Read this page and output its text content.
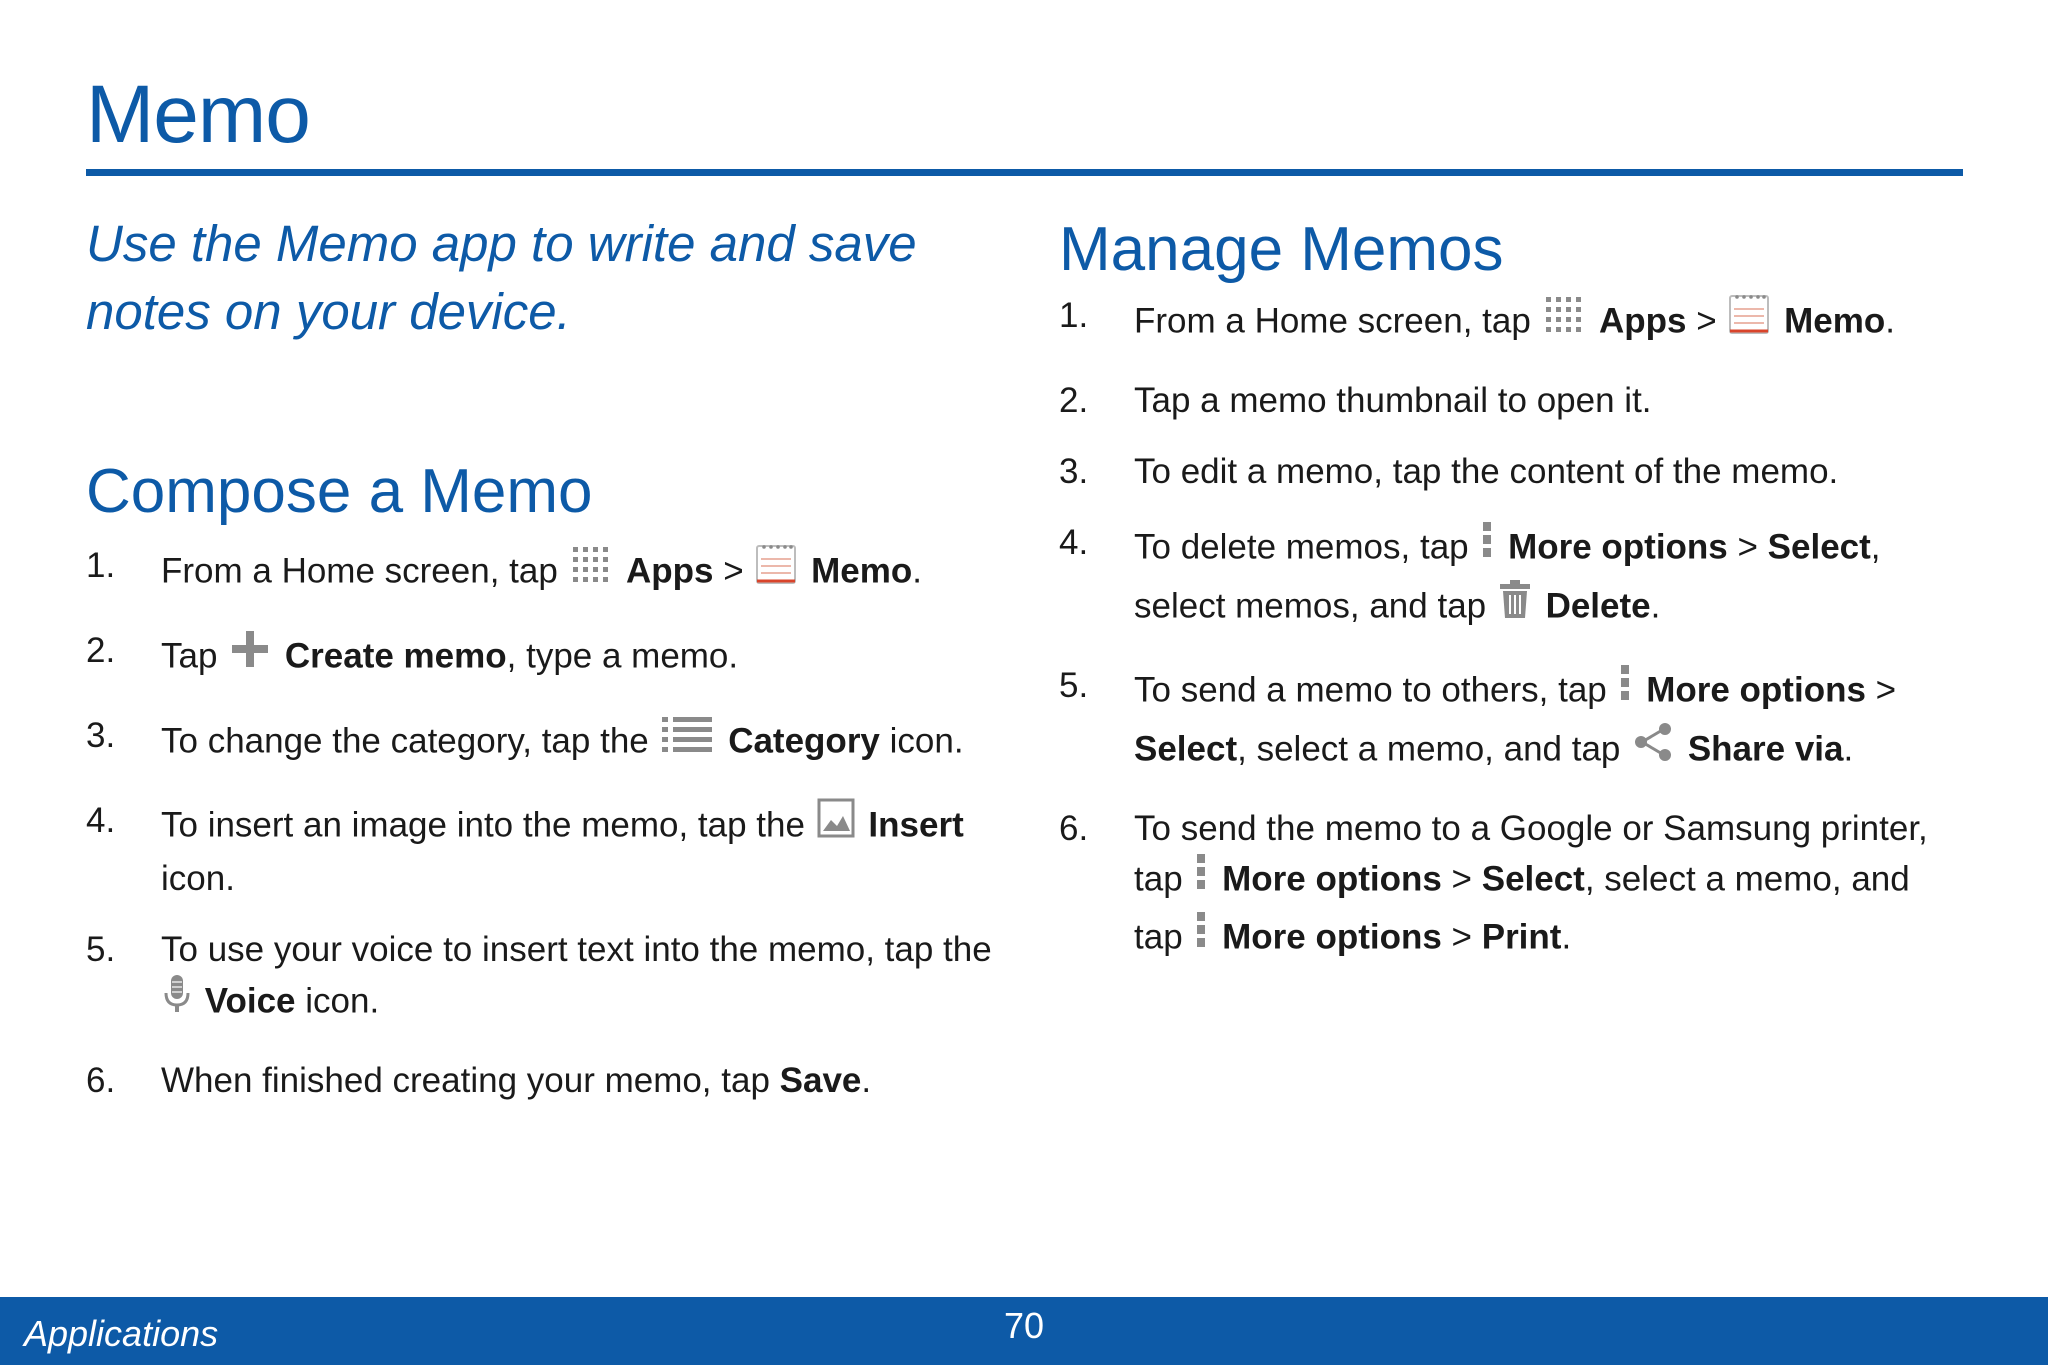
Memo

Use the Memo app to write and save notes on your device.

Compose a Memo
1. From a Home screen, tap  Apps >  Memo.
2. Tap  Create memo, type a memo.
3. To change the category, tap the  Category icon.
4. To insert an image into the memo, tap the  Insert icon.
5. To use your voice to insert text into the memo, tap the  Voice icon.
6. When finished creating your memo, tap Save.
Manage Memos
1. From a Home screen, tap  Apps >  Memo.
2. Tap a memo thumbnail to open it.
3. To edit a memo, tap the content of the memo.
4. To delete memos, tap  More options > Select, select memos, and tap  Delete.
5. To send a memo to others, tap  More options > Select, select a memo, and tap  Share via.
6. To send the memo to a Google or Samsung printer, tap  More options > Select, select a memo, and tap  More options > Print.
Applications	70
